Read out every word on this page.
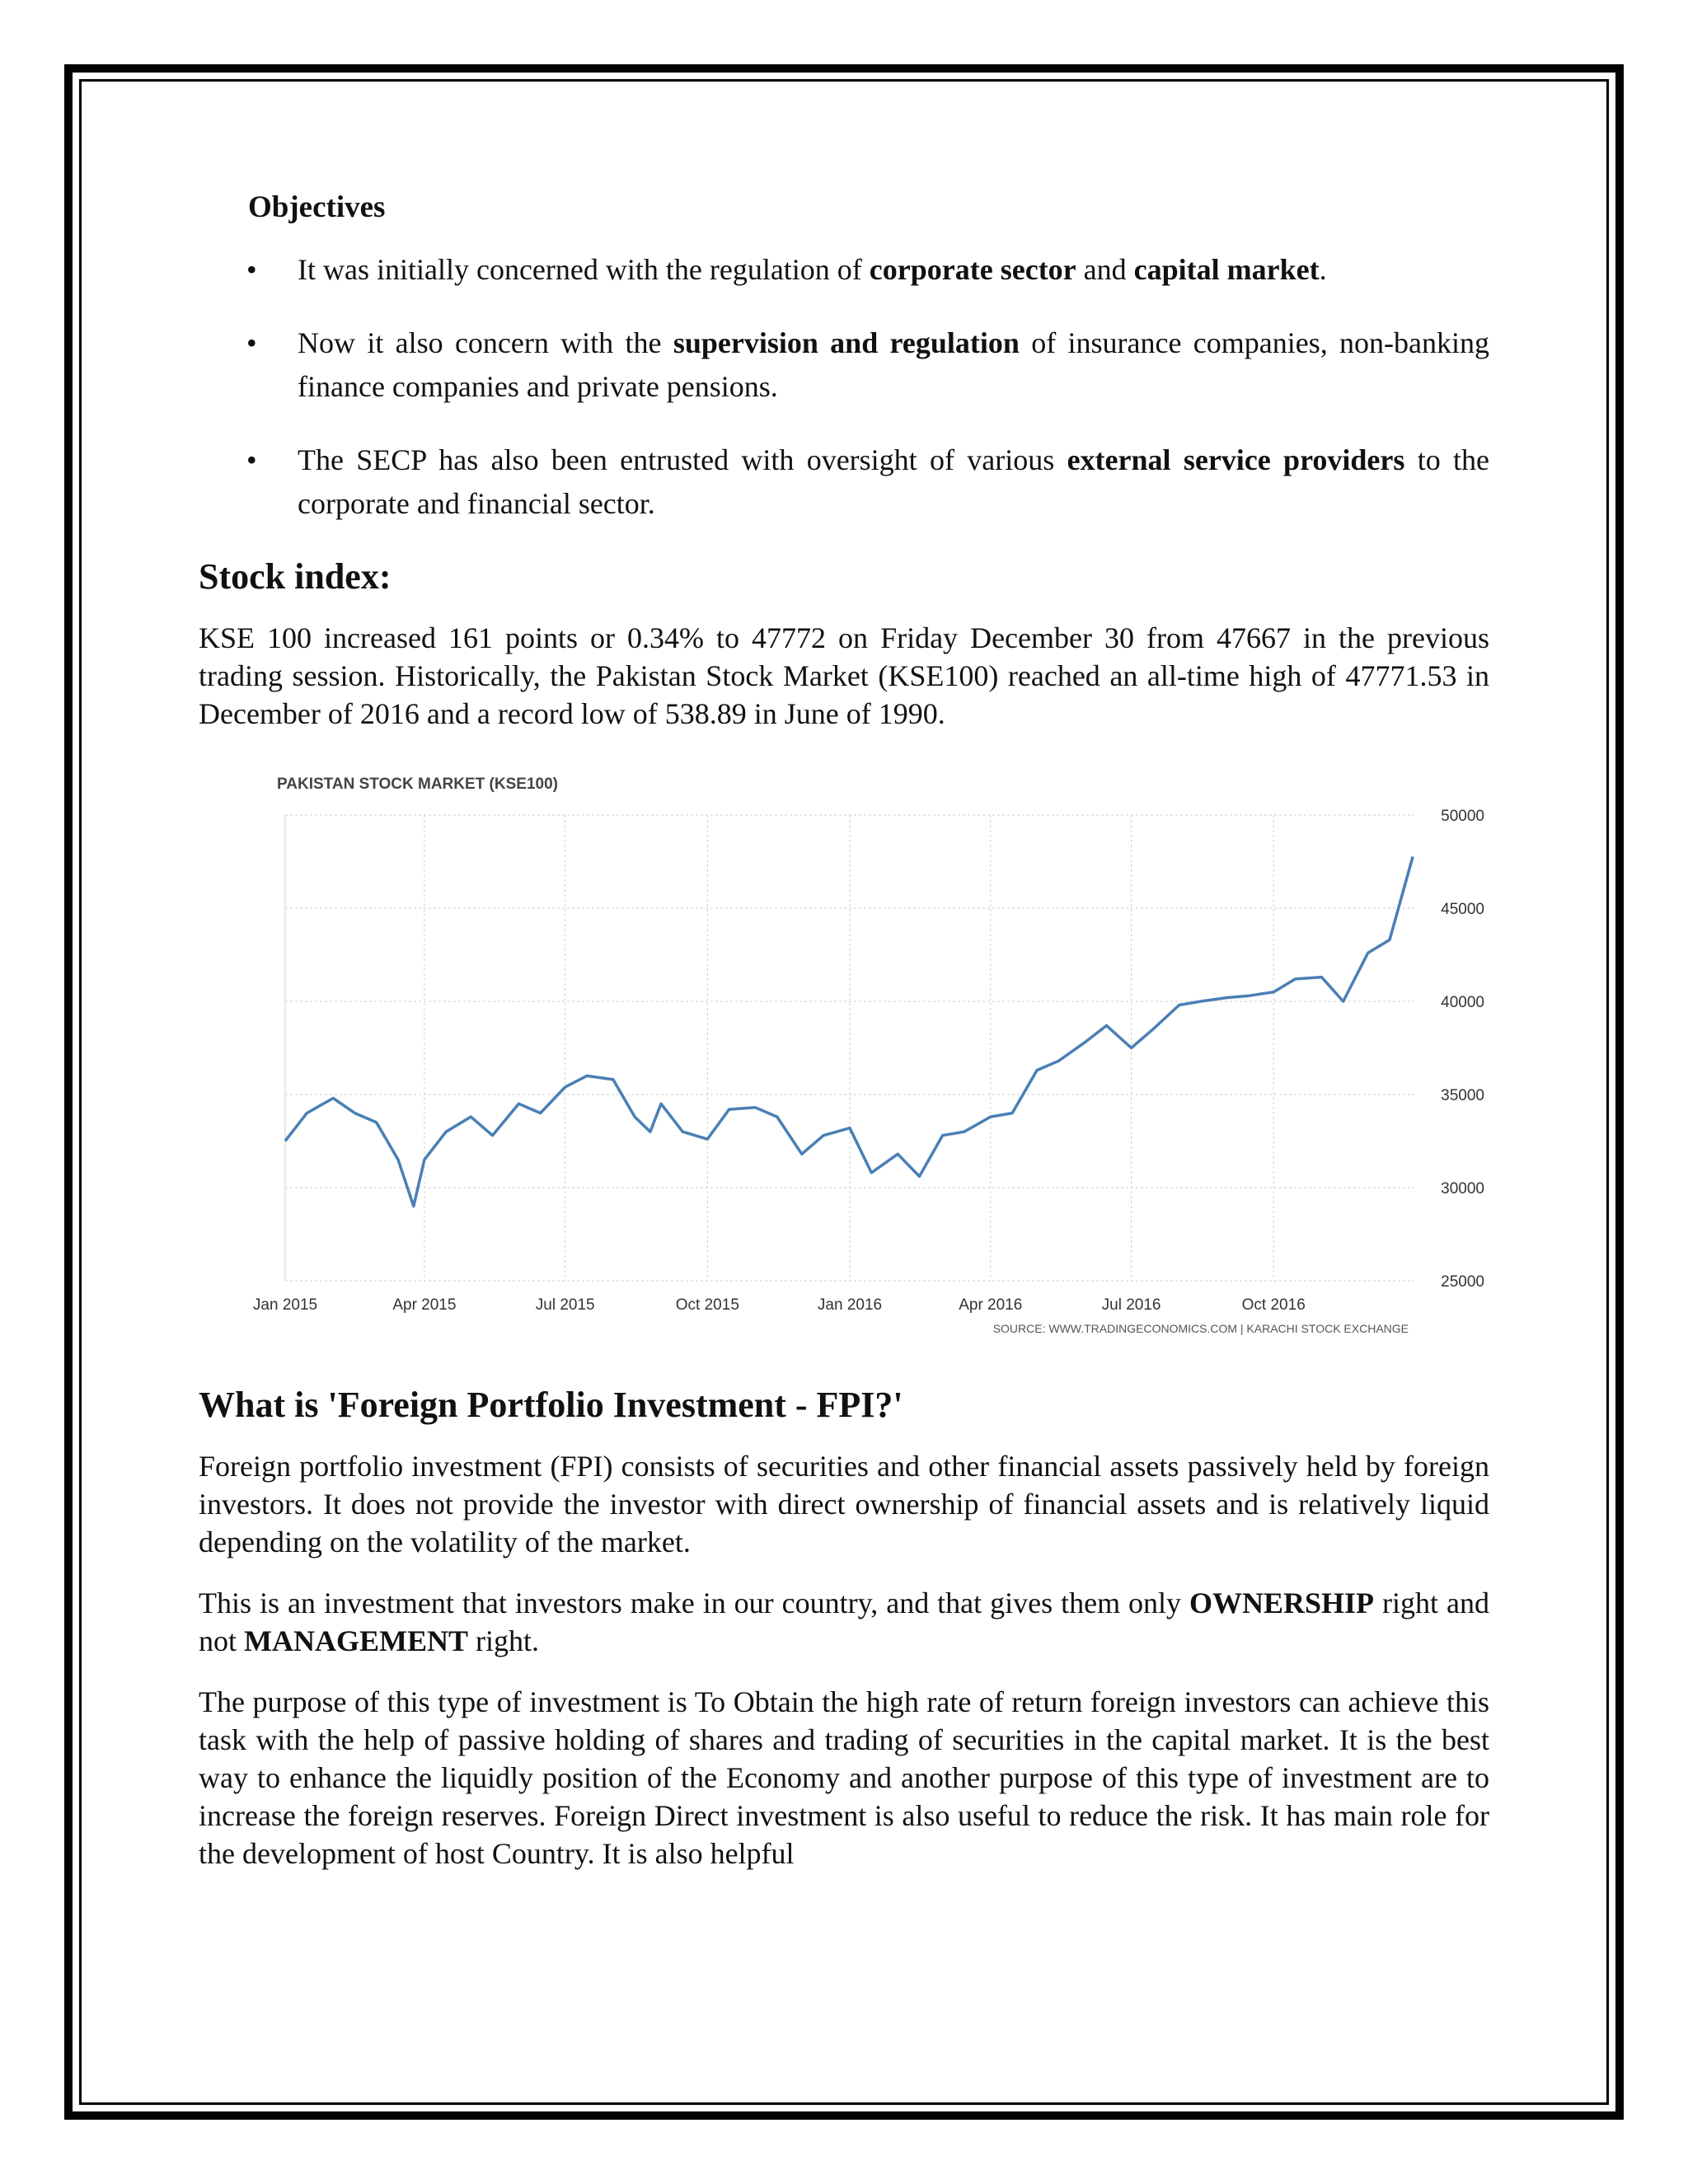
Objectives
• It was initially concerned with the regulation of corporate sector and capital market.
• Now it also concern with the supervision and regulation of insurance companies, non-banking finance companies and private pensions.
• The SECP has also been entrusted with oversight of various external service providers to the corporate and financial sector.
Stock index:

KSE 100 increased 161 points or 0.34% to 47772 on Friday December 30 from 47667 in the previous trading session. Historically, the Pakistan Stock Market (KSE100) reached an all-time high of 47771.53 in December of 2016 and a record low of 538.89 in June of 1990.

PAKISTAN STOCK MARKET (KSE100)
25000
30000
35000
40000
45000
50000
Jan 2015	Apr 2015	Jul 2015	Oct 2015	Jan 2016	Apr 2016	Jul 2016	Oct 2016
SOURCE: WWW.TRADINGECONOMICS.COM | KARACHI STOCK EXCHANGE
What is 'Foreign Portfolio Investment - FPI?'

Foreign portfolio investment (FPI) consists of securities and other financial assets passively held by foreign investors. It does not provide the investor with direct ownership of financial assets and is relatively liquid depending on the volatility of the market.

This is an investment that investors make in our country, and that gives them only OWNERSHIP right and not MANAGEMENT right.

The purpose of this type of investment is To Obtain the high rate of return foreign investors can achieve this task with the help of passive holding of shares and trading of securities in the capital market. It is the best way to enhance the liquidly position of the Economy and another purpose of this type of investment are to increase the foreign reserves. Foreign Direct investment is also useful to reduce the risk. It has main role for the development of host Country. It is also helpful
